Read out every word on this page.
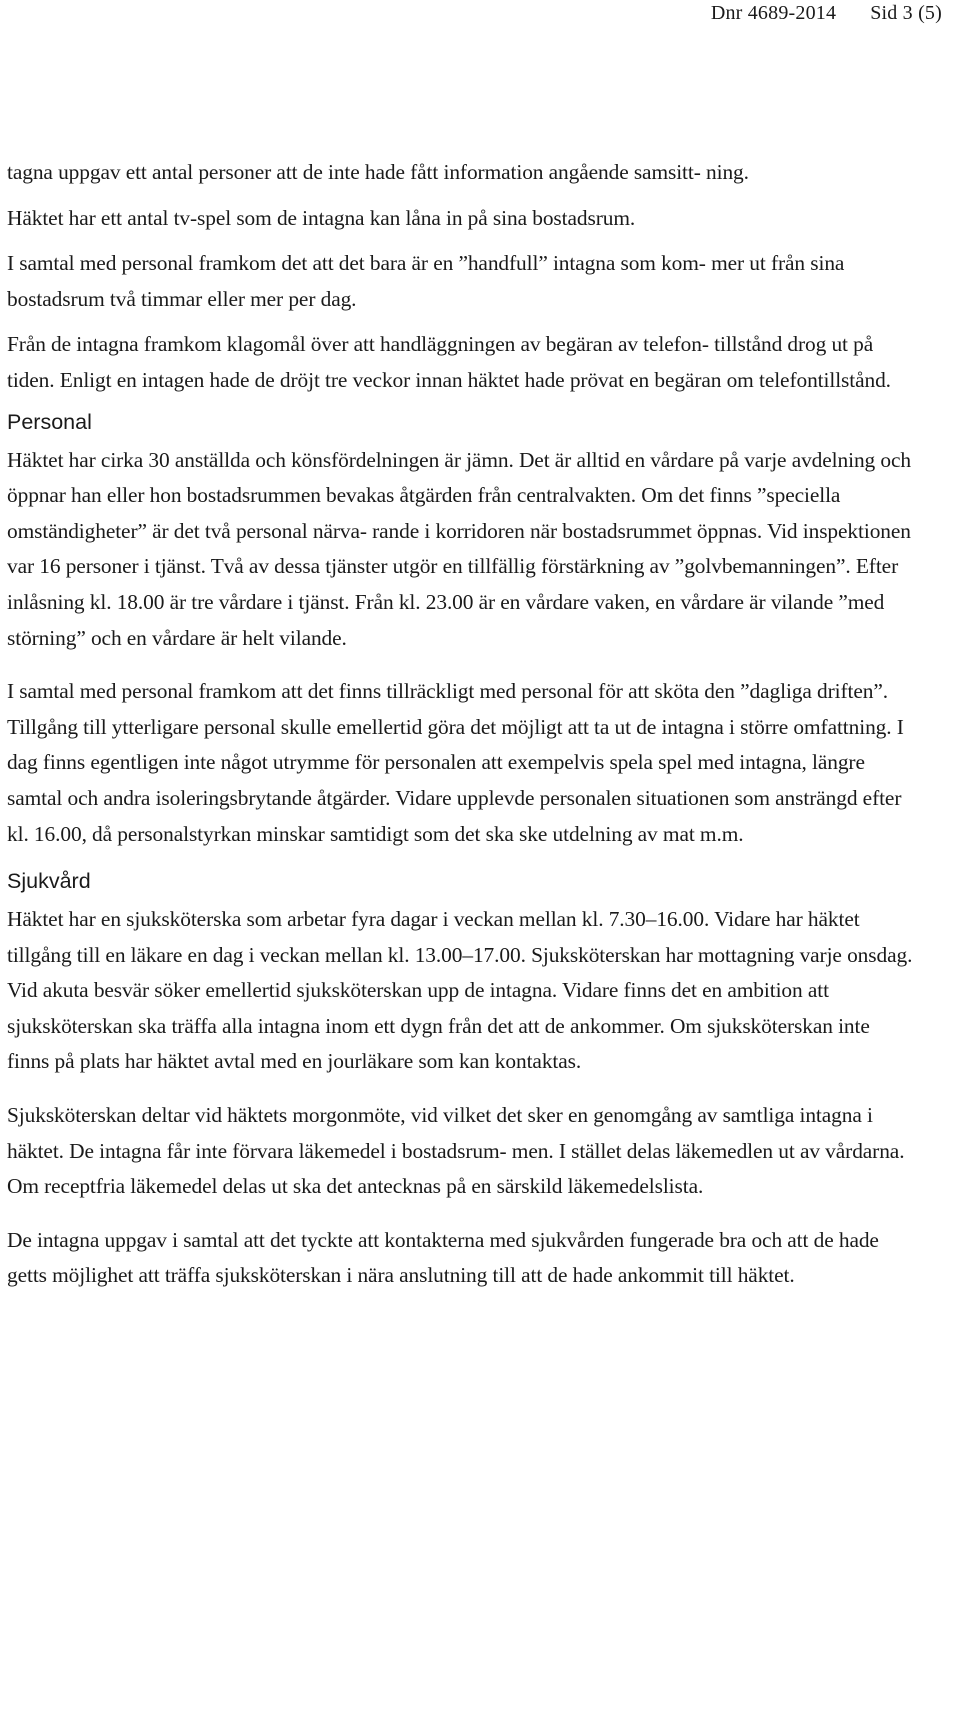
Dnr 4689-2014 Sid 3 (5)

tagna uppgav ett antal personer att de inte hade fått information angående samsitt- ning.

Häktet har ett antal tv-spel som de intagna kan låna in på sina bostadsrum.

I samtal med personal framkom det att det bara är en ”handfull” intagna som kom- mer ut från sina bostadsrum två timmar eller mer per dag.

Från de intagna framkom klagomål över att handläggningen av begäran av telefon- tillstånd drog ut på tiden. Enligt en intagen hade de dröjt tre veckor innan häktet hade prövat en begäran om telefontillstånd.

Personal

Häktet har cirka 30 anställda och könsfördelningen är jämn. Det är alltid en vårdare på varje avdelning och öppnar han eller hon bostadsrummen bevakas åtgärden från centralvakten. Om det finns ”speciella omständigheter” är det två personal närva- rande i korridoren när bostadsrummet öppnas. Vid inspektionen var 16 personer i tjänst. Två av dessa tjänster utgör en tillfällig förstärkning av ”golvbemanningen”. Efter inlåsning kl. 18.00 är tre vårdare i tjänst. Från kl. 23.00 är en vårdare vaken, en vårdare är vilande ”med störning” och en vårdare är helt vilande.

I samtal med personal framkom att det finns tillräckligt med personal för att sköta den ”dagliga driften”. Tillgång till ytterligare personal skulle emellertid göra det möjligt att ta ut de intagna i större omfattning. I dag finns egentligen inte något utrymme för personalen att exempelvis spela spel med intagna, längre samtal och andra isoleringsbrytande åtgärder. Vidare upplevde personalen situationen som ansträngd efter kl. 16.00, då personalstyrkan minskar samtidigt som det ska ske utdelning av mat m.m.

Sjukvård

Häktet har en sjuksköterska som arbetar fyra dagar i veckan mellan kl. 7.30–16.00. Vidare har häktet tillgång till en läkare en dag i veckan mellan kl. 13.00–17.00. Sjuksköterskan har mottagning varje onsdag. Vid akuta besvär söker emellertid sjuksköterskan upp de intagna. Vidare finns det en ambition att sjuksköterskan ska träffa alla intagna inom ett dygn från det att de ankommer. Om sjuksköterskan inte finns på plats har häktet avtal med en jourläkare som kan kontaktas.

Sjuksköterskan deltar vid häktets morgonmöte, vid vilket det sker en genomgång av samtliga intagna i häktet. De intagna får inte förvara läkemedel i bostadsrum- men. I stället delas läkemedlen ut av vårdarna. Om receptfria läkemedel delas ut ska det antecknas på en särskild läkemedelslista.

De intagna uppgav i samtal att det tyckte att kontakterna med sjukvården fungerade bra och att de hade getts möjlighet att träffa sjuksköterskan i nära anslutning till att de hade ankommit till häktet.
